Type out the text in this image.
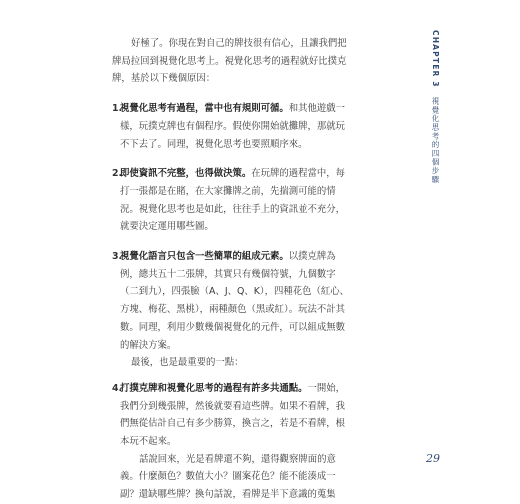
好極了。你現在對自己的牌技很有信心，且讓我們把牌局拉回到視覺化思考上。視覺化思考的過程就好比撲克牌，基於以下幾個原因：

1.
視覺化思考有過程，當中也有規則可循。和其他遊戲一樣，玩撲克牌也有個程序。假使你開始就攤牌，那就玩不下去了。同理，視覺化思考也要照順序來。
2.
即使資訊不完整，也得做決策。在玩牌的過程當中，每打一張都是在賭，在大家攤牌之前，先揣測可能的情況。視覺化思考也是如此，往往手上的資訊並不充分，就要決定運用哪些圖。
3.
視覺化語言只包含一些簡單的組成元素。以撲克牌為例，總共五十二張牌，其實只有幾個符號，九個數字（二到九），四張臉（A、J、Q、K），四種花色（紅心、方塊、梅花、黑桃），兩種顏色（黑或紅）。玩法不計其數。同理，利用少數幾個視覺化的元件，可以組成無數的解決方案。

最後，也是最重要的一點：

4.
打撲克牌和視覺化思考的過程有許多共通點。一開始，我們分到幾張牌，然後就要看這些牌。如果不看牌，我們無從估計自己有多少勝算，換言之，若是不看牌，根本玩不起來。
話說回來，光是看牌還不夠，還得觀察牌面的意義。什麼顏色？數值大小？圖案花色？能不能湊成一副？還缺哪些牌？換句話說，看牌是半下意識的蒐集
CHAPTER 3 視覺化思考的四個步驟
29
